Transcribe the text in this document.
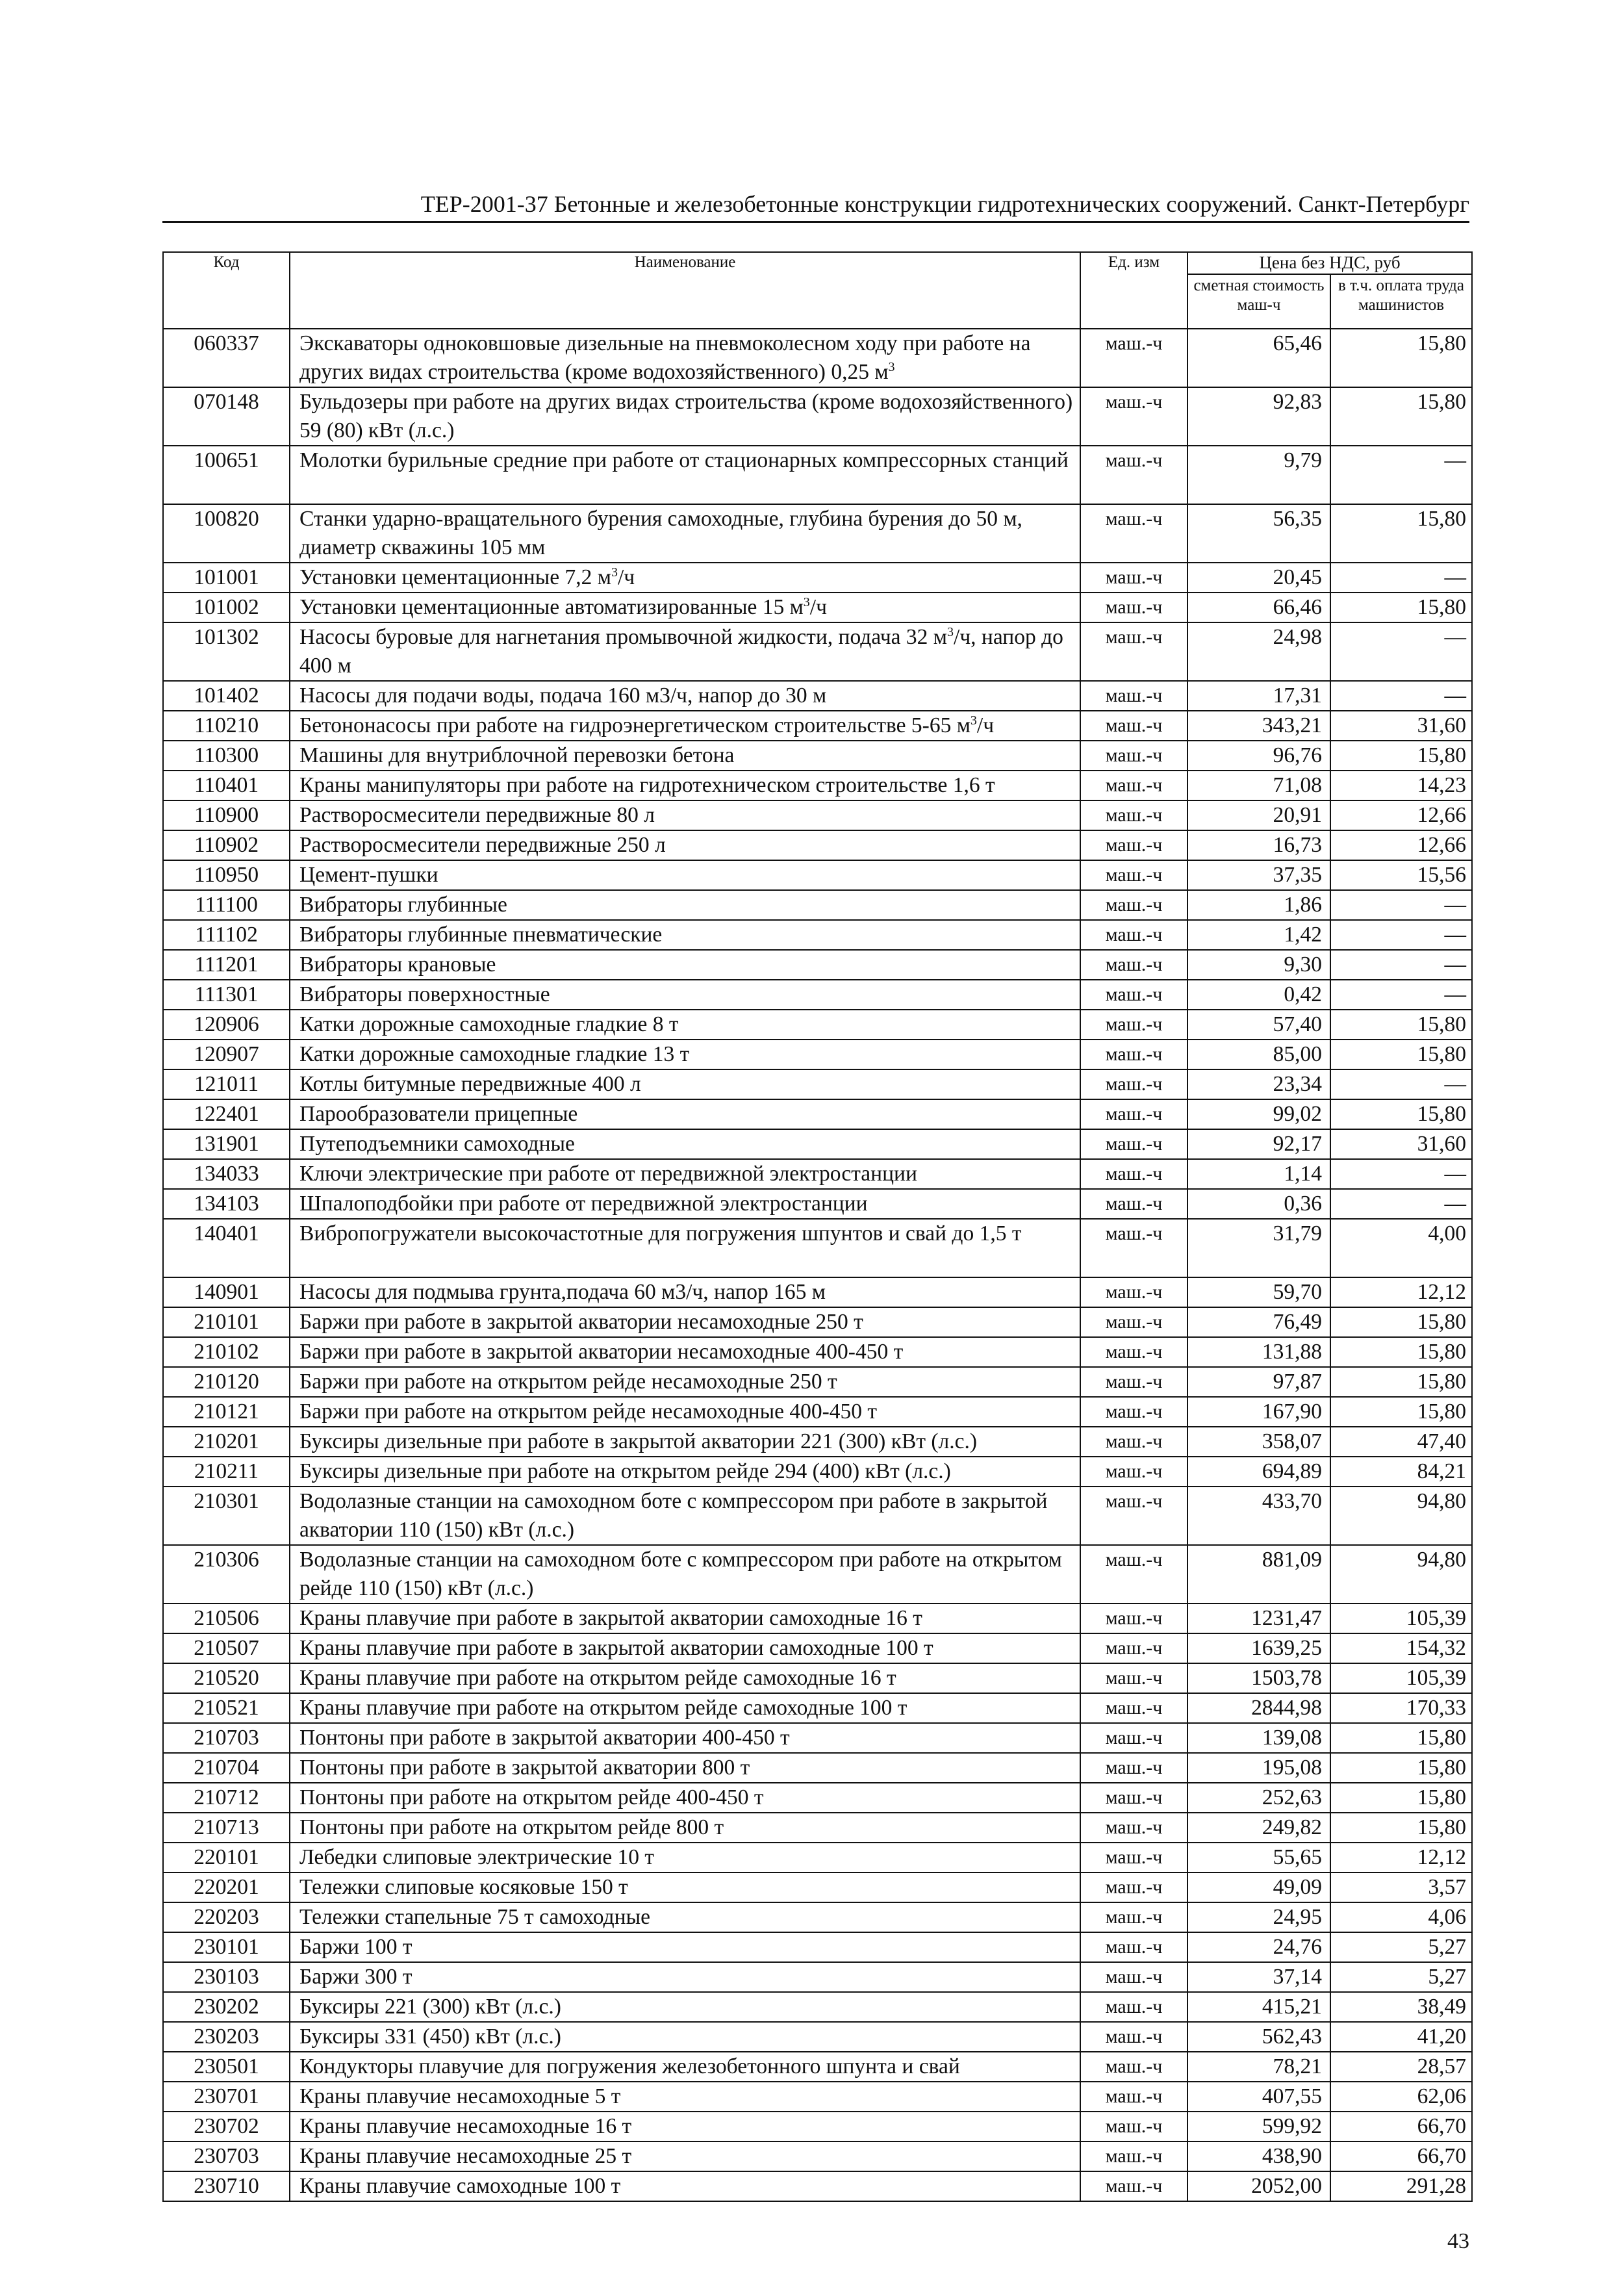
ТЕР-2001-37 Бетонные и железобетонные конструкции гидротехнических сооружений. Санкт-Петербург
Код	Наименование	Ед. изм	Цена без НДС, руб	
			сметная стоимость маш-ч	в т.ч. оплата труда машинистов
060337	Экскаваторы одноковшовые дизельные на пневмоколесном ходу при работе на других видах строительства (кроме водохозяйственного) 0,25 $м^3$	маш.-ч	65,46	15,80
070148	Бульдозеры при работе на других видах строительства (кроме водохозяйственного) 59 (80) кВт (л.с.)	маш.-ч	92,83	15,80
100651	Молотки бурильные средние при работе от стационарных компрессорных станций	маш.-ч	9,79	—
100820	Станки ударно-вращательного бурения самоходные, глубина бурения до 50 м, диаметр скважины 105 мм	маш.-ч	56,35	15,80
101001	Установки цементационные 7,2 $м^3/ч$	маш.-ч	20,45	—
101002	Установки цементационные автоматизированные 15 $м^3/ч$	маш.-ч	66,46	15,80
101302	Насосы буровые для нагнетания промывочной жидкости, подача 32 $м^3/ч$, напор до 400 м	маш.-ч	24,98	—
101402	Насосы для подачи воды, подача 160 м3/ч, напор до 30 м	маш.-ч	17,31	—
110210	Бетононасосы при работе на гидроэнергетическом строительстве 5-65 $м^3/ч$	маш.-ч	343,21	31,60
110300	Машины для внутриблочной перевозки бетона	маш.-ч	96,76	15,80
110401	Краны манипуляторы при работе на гидротехническом строительстве 1,6 т	маш.-ч	71,08	14,23
110900	Растворосмесители передвижные 80 л	маш.-ч	20,91	12,66
110902	Растворосмесители передвижные 250 л	маш.-ч	16,73	12,66
110950	Цемент-пушки	маш.-ч	37,35	15,56
111100	Вибраторы глубинные	маш.-ч	1,86	—
111102	Вибраторы глубинные пневматические	маш.-ч	1,42	—
111201	Вибраторы крановые	маш.-ч	9,30	—
111301	Вибраторы поверхностные	маш.-ч	0,42	—
120906	Катки дорожные самоходные гладкие 8 т	маш.-ч	57,40	15,80
120907	Катки дорожные самоходные гладкие 13 т	маш.-ч	85,00	15,80
121011	Котлы битумные передвижные 400 л	маш.-ч	23,34	—
122401	Парообразователи прицепные	маш.-ч	99,02	15,80
131901	Путеподъемники самоходные	маш.-ч	92,17	31,60
134033	Ключи электрические при работе от передвижной электростанции	маш.-ч	1,14	—
134103	Шпалоподбойки при работе от передвижной электростанции	маш.-ч	0,36	—
140401	Вибропогружатели высокочастотные для погружения шпунтов и свай до 1,5 т	маш.-ч	31,79	4,00
140901	Насосы для подмыва грунта,подача 60 м3/ч, напор 165 м	маш.-ч	59,70	12,12
210101	Баржи при работе в закрытой акватории несамоходные 250 т	маш.-ч	76,49	15,80
210102	Баржи при работе в закрытой акватории несамоходные 400-450 т	маш.-ч	131,88	15,80
210120	Баржи при работе на открытом рейде несамоходные 250 т	маш.-ч	97,87	15,80
210121	Баржи при работе на открытом рейде несамоходные 400-450 т	маш.-ч	167,90	15,80
210201	Буксиры дизельные при работе в закрытой акватории 221 (300) кВт (л.с.)	маш.-ч	358,07	47,40
210211	Буксиры дизельные при работе на открытом рейде 294 (400) кВт (л.с.)	маш.-ч	694,89	84,21
210301	Водолазные станции на самоходном боте с компрессором при работе в закрытой акватории 110 (150) кВт (л.с.)	маш.-ч	433,70	94,80
210306	Водолазные станции на самоходном боте с компрессором при работе на открытом рейде 110 (150) кВт (л.с.)	маш.-ч	881,09	94,80
210506	Краны плавучие при работе в закрытой акватории самоходные 16 т	маш.-ч	1231,47	105,39
210507	Краны плавучие при работе в закрытой акватории самоходные 100 т	маш.-ч	1639,25	154,32
210520	Краны плавучие при работе на открытом рейде самоходные 16 т	маш.-ч	1503,78	105,39
210521	Краны плавучие при работе на открытом рейде самоходные 100 т	маш.-ч	2844,98	170,33
210703	Понтоны при работе в закрытой акватории 400-450 т	маш.-ч	139,08	15,80
210704	Понтоны при работе в закрытой акватории 800 т	маш.-ч	195,08	15,80
210712	Понтоны при работе на открытом рейде 400-450 т	маш.-ч	252,63	15,80
210713	Понтоны при работе на открытом рейде 800 т	маш.-ч	249,82	15,80
220101	Лебедки слиповые электрические 10 т	маш.-ч	55,65	12,12
220201	Тележки слиповые косяковые 150 т	маш.-ч	49,09	3,57
220203	Тележки стапельные 75 т самоходные	маш.-ч	24,95	4,06
230101	Баржи 100 т	маш.-ч	24,76	5,27
230103	Баржи 300 т	маш.-ч	37,14	5,27
230202	Буксиры 221 (300) кВт (л.с.)	маш.-ч	415,21	38,49
230203	Буксиры 331 (450) кВт (л.с.)	маш.-ч	562,43	41,20
230501	Кондукторы плавучие для погружения железобетонного шпунта и свай	маш.-ч	78,21	28,57
230701	Краны плавучие несамоходные 5 т	маш.-ч	407,55	62,06
230702	Краны плавучие несамоходные 16 т	маш.-ч	599,92	66,70
230703	Краны плавучие несамоходные 25 т	маш.-ч	438,90	66,70
230710	Краны плавучие самоходные 100 т	маш.-ч	2052,00	291,28
43
